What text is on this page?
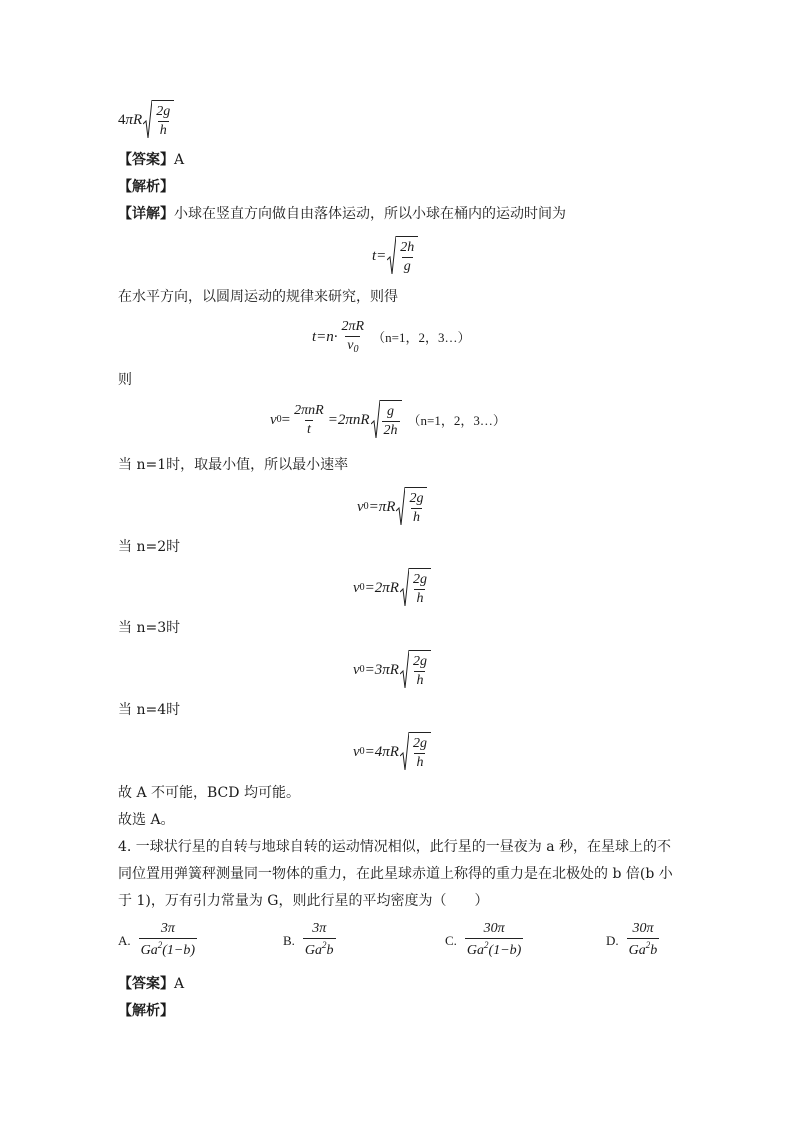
4 π R $\frac{2g}{h}$
【答案】A
【解析】
【详解】小球在竖直方向做自由落体运动，所以小球在桶内的运动时间为
$t= \frac{2h}{g}$
在水平方向，以圆周运动的规律来研究，则得
$t=n\cdot \frac{2\pi R}{v_0} (n=1$，2，3…）
则
v $0 = \frac{\text{2πnR}}{t} =2\pi nR \frac{g}{2h} (n=1$，2，3…）
当 n=1时，取最小值，所以最小速率
v $0 =\pi R \frac{2g}{h}$
当 n=2时
v $0 =2\pi R \frac{2g}{h}$
当 n=3时
v $0 =3\pi R \frac{2g}{h}$
当 n=4时
v $0 =4\pi R \frac{2g}{h}$
故 A 不可能，BCD 均可能。
故选 A。
4. 一球状行星的自转与地球自转的运动情况相似，此行星的一昼夜为 a 秒，在星球上的不
同位置用弹簧秤测量同一物体的重力，在此星球赤道上称得的重力是在北极处的 b 倍(b 小
于 1)，万有引力常量为 G，则此行星的平均密度为（　　）
A. $\frac{3\pi}{Ga^2(1-b)}$	B. $\frac{3\pi}{Ga^2b}$	C. $\frac{30\pi}{Ga^2(1-b)}$	D. $\frac{30\pi}{Ga^2b}$
【答案】A
【解析】
